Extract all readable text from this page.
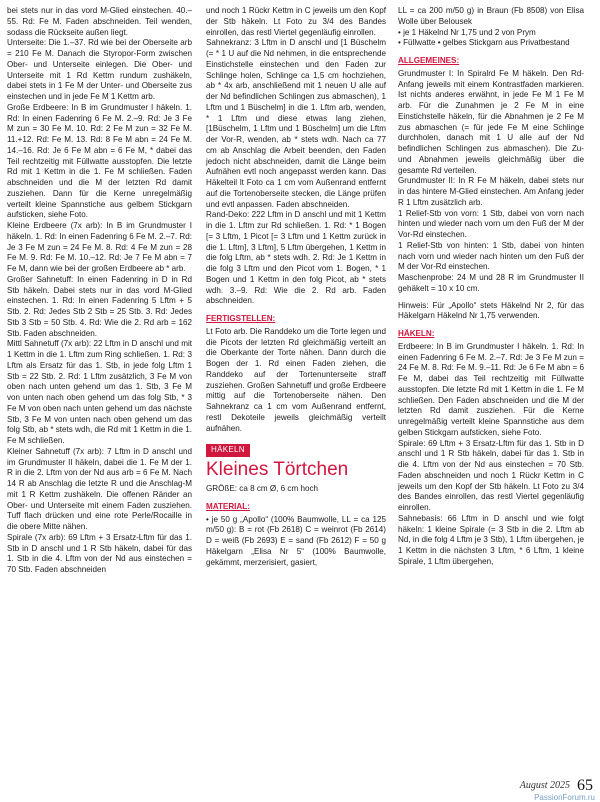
bei stets nur in das vord M-Glied einstechen. 40.–55. Rd: Fe M. Faden abschneiden. Teil wenden, sodass die Rückseite außen liegt.

Unterseite: Die 1.–37. Rd wie bei der Oberseite arb = 210 Fe M. Danach die Styropor-Form zwischen Ober- und Unterseite einlegen. Die Ober- und Unterseite mit 1 Rd Kettm rundum zushäkeln, dabei stets in 1 Fe M der Unter- und Oberseite zus einstechen und in jede Fe M 1 Kettm arb.

Große Erdbeere: In B im Grundmuster I häkeln. 1. Rd: In einen Fadenring 6 Fe M. 2.–9. Rd: Je 3 Fe M zun = 30 Fe M. 10. Rd: 2 Fe M zun = 32 Fe M. 11.+12. Rd: Fe M. 13. Rd: 8 Fe M abn = 24 Fe M. 14.–16. Rd: Je 6 Fe M abn = 6 Fe M, * dabei das Teil rechtzeitig mit Füllwatte ausstopfen. Die letzte Rd mit 1 Kettm in die 1. Fe M schließen. Faden abschneiden und die M der letzten Rd damit zusziehen. Dann für die Kerne unregelmäßig verteilt kleine Spannstiche aus gelbem Stickgarn aufsticken, siehe Foto.

Kleine Erdbeere (7x arb): In B im Grundmuster I häkeln. 1. Rd: In einen Fadenring 6 Fe M. 2.–7. Rd: Je 3 Fe M zun = 24 Fe M. 8. Rd: 4 Fe M zun = 28 Fe M. 9. Rd: Fe M. 10.–12. Rd: Je 7 Fe M abn = 7 Fe M, dann wie bei der großen Erdbeere ab * arb.

Großer Sahnetuff: In einen Fadenring in D in Rd Stb häkeln. Dabei stets nur in das vord M-Glied einstechen. 1. Rd: In einen Fadenring 5 Lftm + 5 Stb. 2. Rd: Jedes Stb 2 Stb = 25 Stb. 3. Rd: Jedes Stb 3 Stb = 50 Stb. 4. Rd: Wie die 2. Rd arb = 162 Stb. Faden abschneiden.

Mittl Sahnetuff (7x arb): 22 Lftm in D anschl und mit 1 Kettm in die 1. Lftm zum Ring schließen. 1. Rd: 3 Lftm als Ersatz für das 1. Stb, in jede folg Lftm 1 Stb = 22 Stb. 2. Rd: 1 Lftm zusätzlich, 3 Fe M von oben nach unten gehend um das 1. Stb, 3 Fe M von unten nach oben gehend um das folg Stb, * 3 Fe M von oben nach unten gehend um das nächste Stb, 3 Fe M von unten nach oben gehend um das folg Stb, ab * stets wdh, die Rd mit 1 Kettm in die 1. Fe M schließen.

Kleiner Sahnetuff (7x arb): 7 Lftm in D anschl und im Grundmuster II häkeln, dabei die 1. Fe M der 1. R in die 2. Lftm von der Nd aus arb = 6 Fe M. Nach 14 R ab Anschlag die letzte R und die Anschlag-M mit 1 R Kettm zushäkeln. Die offenen Ränder an Ober- und Unterseite mit einem Faden zusziehen. Tuff flach drücken und eine rote Perle/Rocaille in die obere Mitte nähen.

Spirale (7x arb): 69 Lftm + 3 Ersatz-Lftm für das 1. Stb in D anschl und 1 R Stb häkeln, dabei für das 1. Stb in die 4. Lftm von der Nd aus einstechen = 70 Stb. Faden abschneiden

und noch 1 Rückr Kettm in C jeweils um den Kopf der Stb häkeln. Lt Foto zu 3/4 des Bandes einrollen, das restl Viertel gegenläufig einrollen.

Sahnekranz: 3 Lftm in D anschl und [1 Büschelm (= * 1 U auf die Nd nehmen, in die entsprechende Einstichstelle einstechen und den Faden zur Schlinge holen, Schlinge ca 1,5 cm hochziehen, ab * 4x arb, anschließend mit 1 neuen U alle auf der Nd befindlichen Schlingen zus abmaschen), 1 Lftm und 1 Büschelm] in die 1. Lftm arb, wenden, * 1 Lftm und diese etwas lang ziehen, [1Büschelm, 1 Lftm und 1 Büschelm] um die Lftm der Vor-R, wenden, ab * stets wdh. Nach ca 77 cm ab Anschlag die Arbeit beenden, den Faden jedoch nicht abschneiden, damit die Länge beim Aufnähen evtl noch angepasst werden kann. Das Häkelteil lt Foto ca 1 cm vom Außenrand entfernt auf die Tortenoberseite stecken, die Länge prüfen und evtl anpassen. Faden abschneiden.

Rand-Deko: 222 Lftm in D anschl und mit 1 Kettm in die 1. Lftm zur Rd schließen. 1. Rd: * 1 Bogen [= 3 Lftm, 1 Picot [= 3 Lftm und 1 Kettm zurück in die 1. Lftm], 3 Lftm], 5 Lftm übergehen, 1 Kettm in die folg Lftm, ab * stets wdh. 2. Rd: Je 1 Kettm in die folg 3 Lftm und den Picot vom 1. Bogen, * 1 Bogen und 1 Kettm in den folg Picot, ab * stets wdh. 3.–9. Rd: Wie die 2. Rd arb. Faden abschneiden.

FERTIGSTELLEN:

Lt Foto arb. Die Randdeko um die Torte legen und die Picots der letzten Rd gleichmäßig verteilt an die Oberkante der Torte nähen. Dann durch die Bogen der 1. Rd einen Faden ziehen, die Randdeko auf der Tortenunterseite straff zusziehen. Großen Sahnetuff und große Erdbeere mittig auf die Tortenoberseite nähen. Den Sahnekranz ca 1 cm vom Außenrand entfernt, restl Dekoteile jeweils gleichmäßig verteilt aufnähen.

HÄKELN

Kleines Törtchen

GRÖßE: ca 8 cm Ø, 6 cm hoch

MATERIAL:

• je 50 g „Apollo“ (100% Baumwolle, LL = ca 125 m/50 g): B = rot (Fb 2618) C = weinrot (Fb 2614) D = weiß (Fb 2693) E = sand (Fb 2612) F = 50 g Häkelgarn „Elisa Nr 5“ (100% Baumwolle, gekämmt, merzerisiert, gasiert,

LL = ca 200 m/50 g) in Braun (Fb 8508) von Elisa Wolle über Belousek

• je 1 Häkelnd Nr 1,75 und 2 von Prym

• Füllwatte • gelbes Stickgarn aus Privatbestand

ALLGEMEINES:

Grundmuster I: In Spiralrd Fe M häkeln. Den Rd-Anfang jeweils mit einem Kontrastfaden markieren. Ist nichts anderes erwähnt, in jede Fe M 1 Fe M arb. Für die Zunahmen je 2 Fe M in eine Einstichstelle häkeln, für die Abnahmen je 2 Fe M zus abmaschen (= für jede Fe M eine Schlinge durchholen, danach mit 1 U alle auf der Nd befindlichen Schlingen zus abmaschen). Die Zu- und Abnahmen jeweils gleichmäßig über die gesamte Rd verteilen.

Grundmuster II: In R Fe M häkeln, dabei stets nur in das hintere M-Glied einstechen. Am Anfang jeder R 1 Lftm zusätzlich arb.

1 Relief-Stb von vorn: 1 Stb, dabei von vorn nach hinten und wieder nach vorn um den Fuß der M der Vor-Rd einstechen.

1 Relief-Stb von hinten: 1 Stb, dabei von hinten nach vorn und wieder nach hinten um den Fuß der M der Vor-Rd einstechen.

Maschenprobe: 24 M und 28 R im Grundmuster II gehäkelt = 10 x 10 cm.

Hinweis: Für „Apollo“ stets Häkelnd Nr 2, für das Häkelgarn Häkelnd Nr 1,75 verwenden.

HÄKELN:

Erdbeere: In B im Grundmuster I häkeln. 1. Rd: In einen Fadenring 6 Fe M. 2.–7. Rd: Je 3 Fe M zun = 24 Fe M. 8. Rd: Fe M. 9.–11. Rd: Je 6 Fe M abn = 6 Fe M, dabei das Teil rechtzeitig mit Füllwatte ausstopfen. Die letzte Rd mit 1 Kettm in die 1. Fe M schließen. Den Faden abschneiden und die M der letzten Rd damit zusziehen. Für die Kerne unregelmäßig verteilt kleine Spannstiche aus dem gelben Stickgarn aufsticken, siehe Foto.

Spirale: 69 Lftm + 3 Ersatz-Lftm für das 1. Stb in D anschl und 1 R Stb häkeln, dabei für das 1. Stb in die 4. Lftm von der Nd aus einstechen = 70 Stb. Faden abschneiden und noch 1 Rückr Kettm in C jeweils um den Kopf der Stb häkeln. Lt Foto zu 3/4 des Bandes einrollen, das restl Viertel gegenläufig einrollen.

Sahnebasis: 66 Lftm in D anschl und wie folgt häkeln: 1 kleine Spirale (= 3 Stb in die 2. Lftm ab Nd, in die folg 4 Lftm je 3 Stb), 1 Lftm übergehen, je 1 Kettm in die nächsten 3 Lftm, * 6 Lftm, 1 kleine Spirale, 1 Lftm übergehen,

August 2025 65
PassionForum.ru
